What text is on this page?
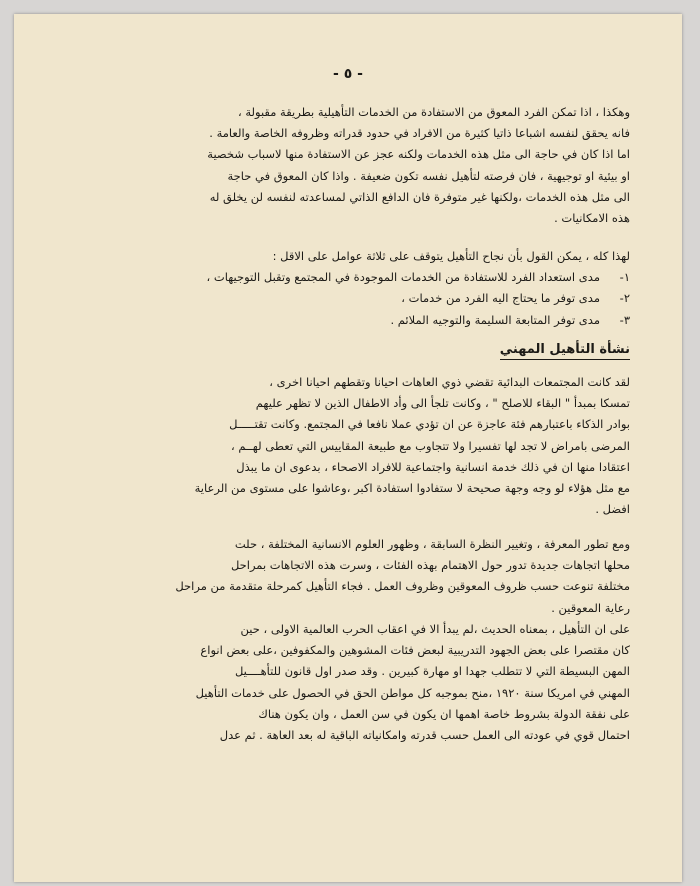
- ٥ -
وهكذا ، اذا تمكن الفرد المعوق من الاستفادة من الخدمات التأهيلية بطريقة مقبولة ،
فانه يحقق لنفسه اشباعا ذاتيا كثيرة من الافراد في حدود قدراته وظروفه الخاصة والعامة .
اما اذا كان في حاجة الى مثل هذه الخدمات ولكنه عجز عن الاستفادة منها لاسباب شخصية
او بيئية او توجيهية ، فان فرصته لتأهيل نفسه تكون ضعيفة . واذا كان المعوق في حاجة
الى مثل هذه الخدمات ،ولكنها غير متوفرة فان الدافع الذاتي لمساعدته لنفسه لن يخلق له
هذه الامكانيات .
لهذا كله ، يمكن القول بأن نجاح التأهيل يتوقف على ثلاثة عوامل على الاقل :
١-مدى استعداد الفرد للاستفادة من الخدمات الموجودة في المجتمع وتقبل التوجيهات ،
٢-مدى توفر ما يحتاج اليه الفرد من خدمات ،
٣-مدى توفر المتابعة السليمة والتوجيه الملائم .
نشأة التأهيل المهني
لقد كانت المجتمعات البدائية تقضي ذوي العاهات احيانا وتقطهم احيانا اخرى ،
تمسكا بمبدأ " البقاء للاصلح " ، وكانت تلجأ الى وأد الاطفال الذين لا تظهر عليهم
بوادر الذكاء باعتبارهم فئة عاجزة عن ان تؤدي عملا نافعا في المجتمع. وكانت تقتـــــل
المرضى بامراض لا تجد لها تفسيرا ولا تتجاوب مع طبيعة المقاييس التي تعطى لهــم ،
اعتقادا منها ان في ذلك خدمة انسانية واجتماعية للافراد الاصحاء ، بدعوى ان ما يبذل
مع مثل هؤلاء لو وجه وجهة صحيحة لا ستفادوا استفادة اكبر ،وعاشوا على مستوى من الرعاية
افضل .
ومع تطور المعرفة ، وتغيير النظرة السابقة ، وظهور العلوم الانسانية المختلفة ، حلت
محلها اتجاهات جديدة تدور حول الاهتمام بهذه الفئات ، وسرت هذه الاتجاهات بمراحل
مختلفة تنوعت حسب ظروف المعوقين وظروف العمل . فجاء التأهيل كمرحلة متقدمة من مراحل
رعاية المعوقين .
على ان التأهيل ، بمعناه الحديث ،لم يبدأ الا في اعقاب الحرب العالمية الاولى ، حين
كان مقتصرا على بعض الجهود التدريبية لبعض فئات المشوهين والمكفوفين ،على بعض انواع
المهن البسيطة التي لا تتطلب جهدا او مهارة كبيرين . وقد صدر اول قانون للتأهــــيل
المهني في امريكا سنة ١٩٢٠ ،منح بموجبه كل مواطن الحق في الحصول على خدمات التأهيل
على نفقة الدولة بشروط خاصة اهمها ان يكون في سن العمل ، وان يكون هناك
احتمال قوي في عودته الى العمل حسب قدرته وامكانياته الباقية له بعد العاهة . ثم عدل
